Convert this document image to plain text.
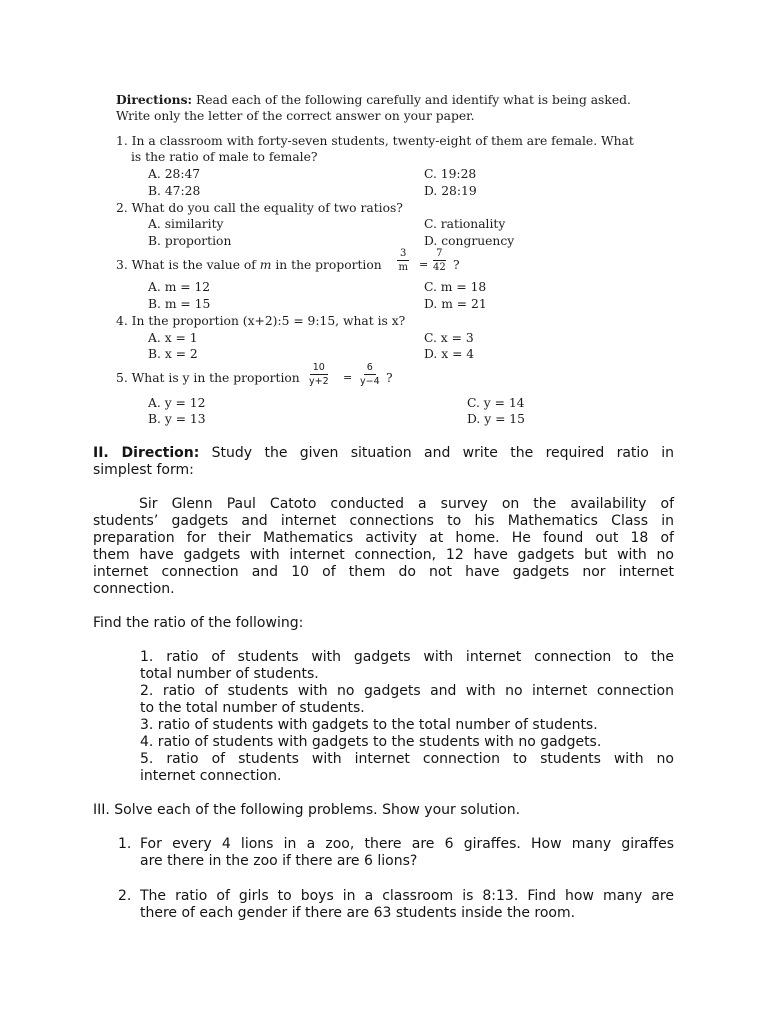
Directions: Read each of the following carefully and identify what is being asked.
Write only the letter of the correct answer on your paper.
1. In a classroom with forty-seven students, twenty-eight of them are female. What
is the ratio of male to female?
A. 28:47
B. 47:28
C. 19:28
D. 28:19
2. What do you call the equality of two ratios?
A. similarity
B. proportion
C. rationality
D. congruency
3. What is the value of m in the proportion $\frac{3}{m} = \frac{7}{42}$ ?
A. m = 12
B. m = 15
C. m = 18
D. m = 21
4. In the proportion (x+2):5 = 9:15, what is x?
A. x = 1
B. x = 2
C. x = 3
D. x = 4
5. What is y in the proportion $\frac{10}{y+2} = \frac{6}{y-4}$ ?
A. y = 12
B. y = 13
C. y = 14
D. y = 15
II. Direction: Study the given situation and write the required ratio in
simplest form:
Sir Glenn Paul Catoto conducted a survey on the availability of
students’ gadgets and internet connections to his Mathematics Class in
preparation for their Mathematics activity at home. He found out 18 of
them have gadgets with internet connection, 12 have gadgets but with no
internet connection and 10 of them do not have gadgets nor internet
connection.
Find the ratio of the following:
1. ratio of students with gadgets with internet connection to the
total number of students.
2. ratio of students with no gadgets and with no internet connection
to the total number of students.
3. ratio of students with gadgets to the total number of students.
4. ratio of students with gadgets to the students with no gadgets.
5. ratio of students with internet connection to students with no
internet connection.
III. Solve each of the following problems. Show your solution.
1. For every 4 lions in a zoo, there are 6 giraffes. How many giraffes
are there in the zoo if there are 6 lions?
2. The ratio of girls to boys in a classroom is 8:13. Find how many are
there of each gender if there are 63 students inside the room.
